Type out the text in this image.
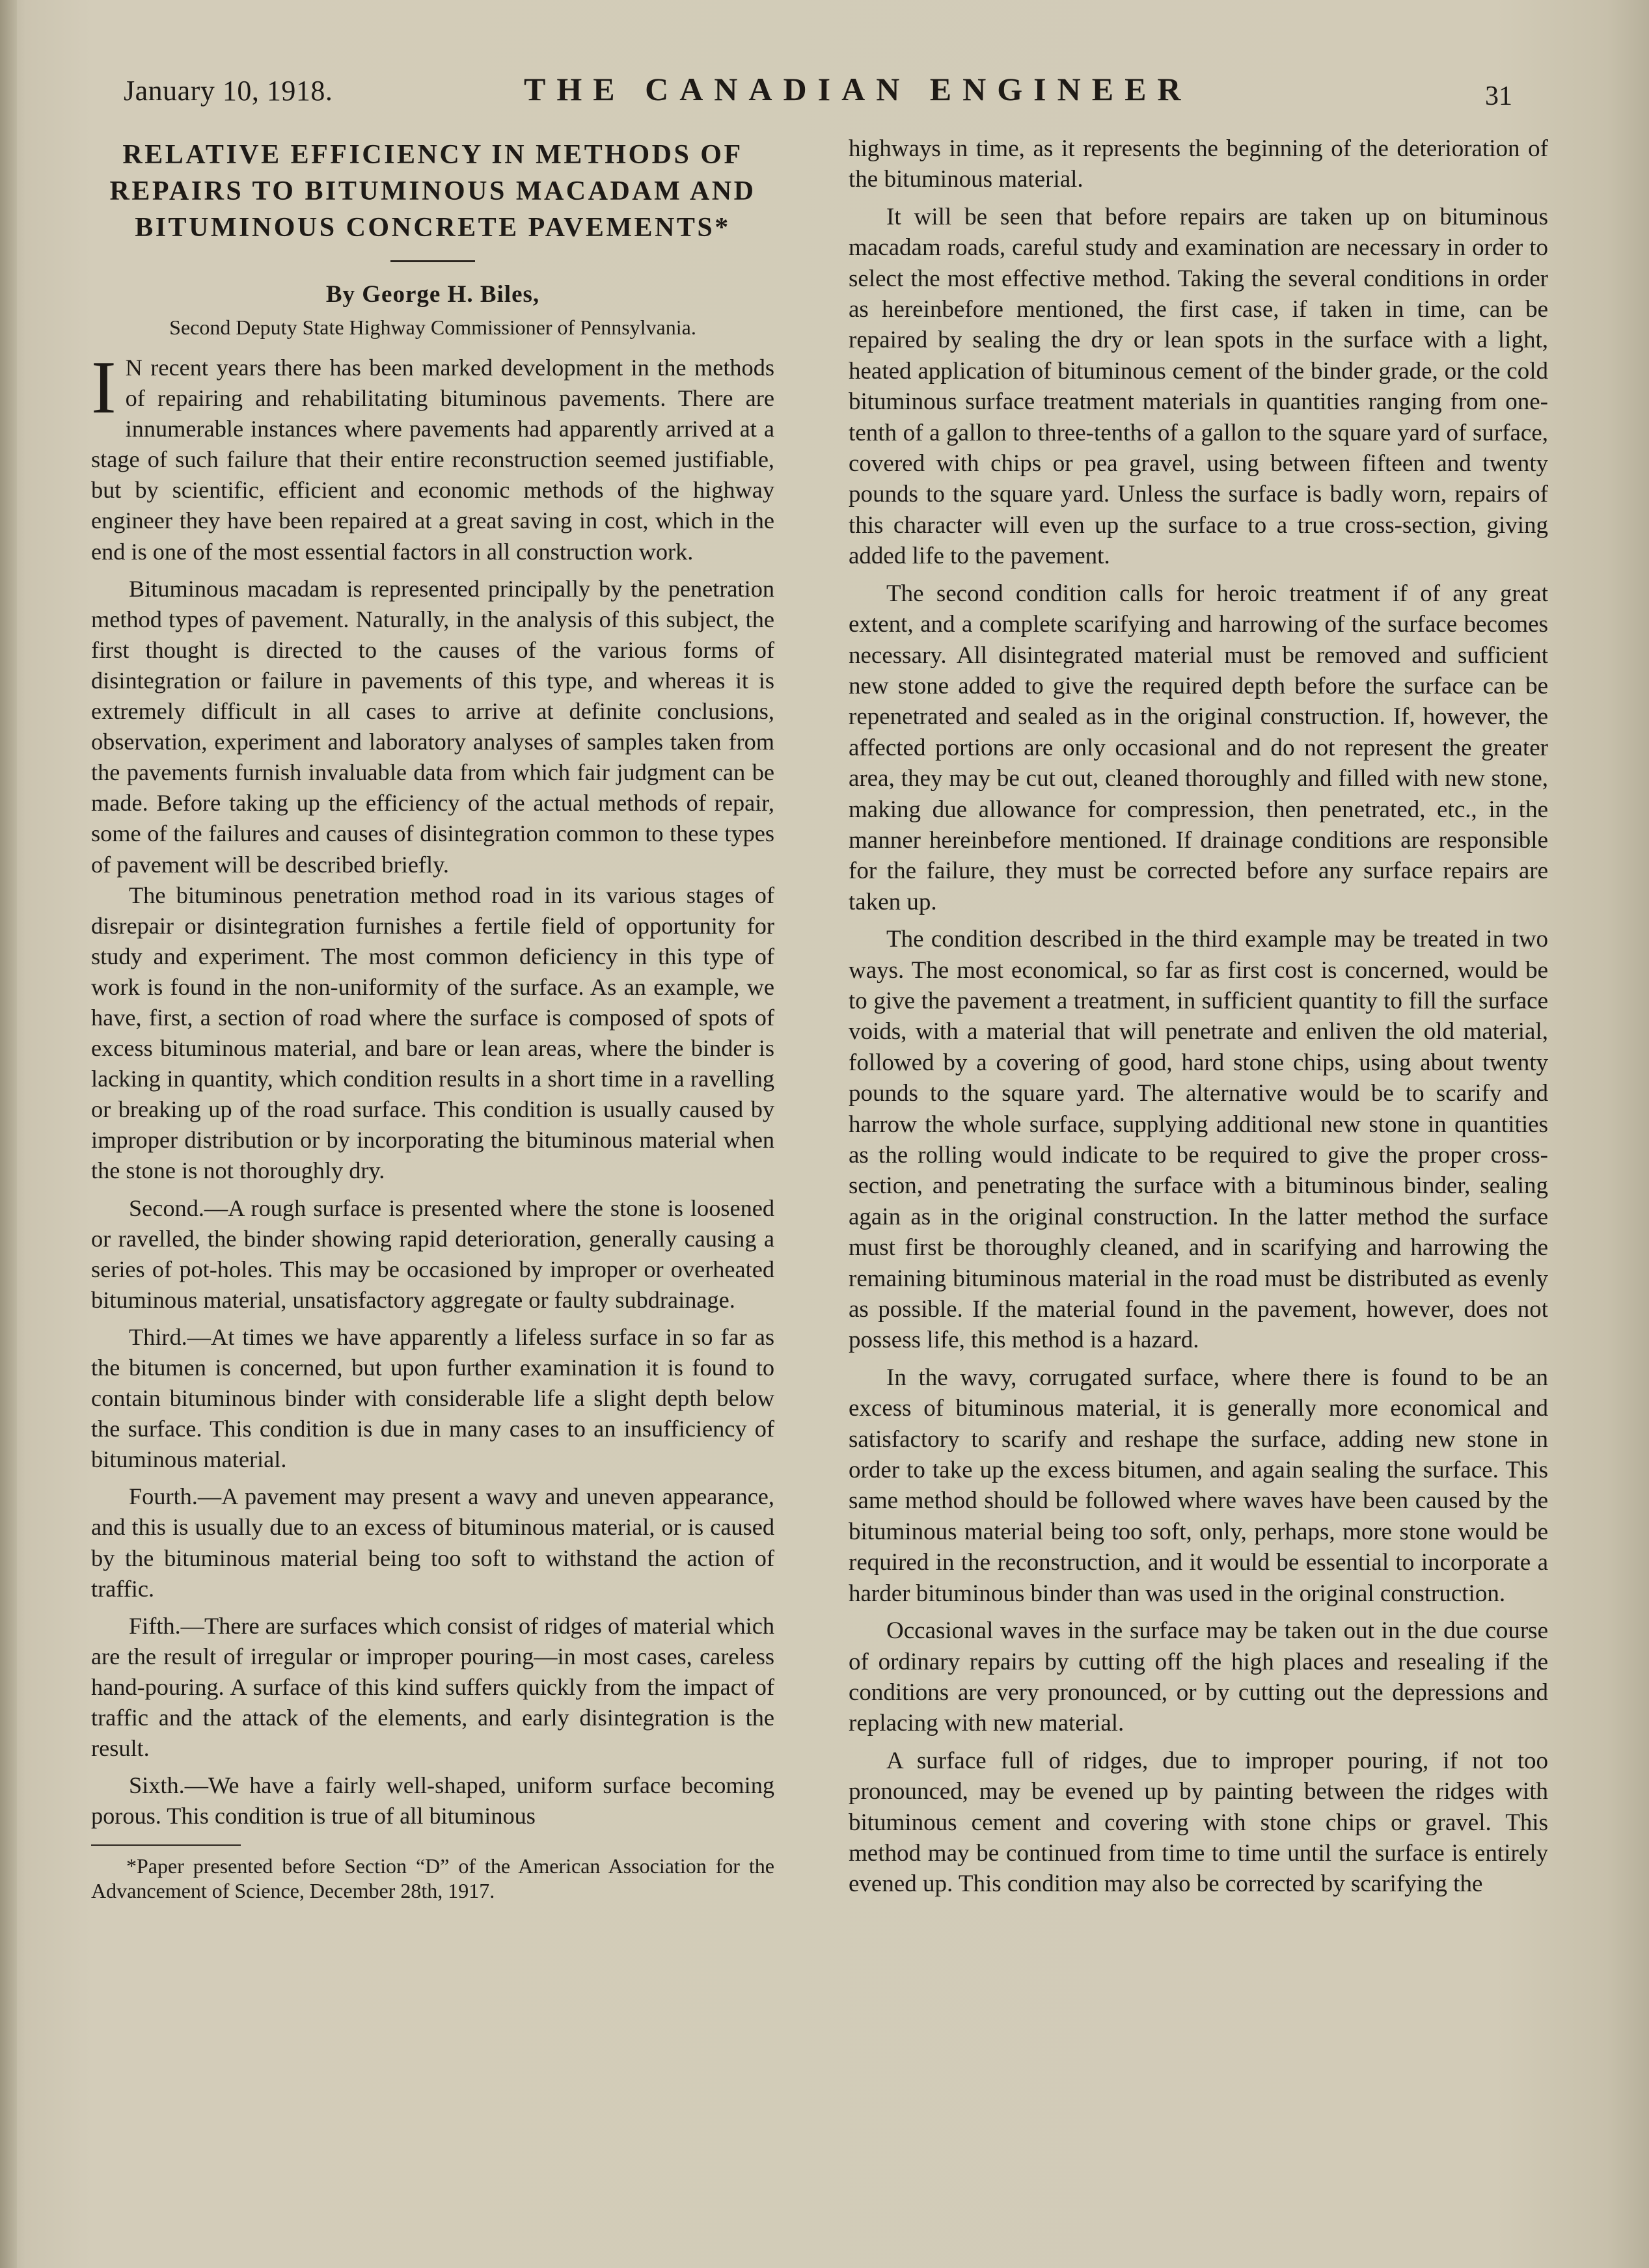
January 10, 1918.	THE CANADIAN ENGINEER	31
RELATIVE EFFICIENCY IN METHODS OF REPAIRS TO BITUMINOUS MACADAM AND BITUMINOUS CONCRETE PAVEMENTS*
By George H. Biles,
Second Deputy State Highway Commissioner of Pennsylvania.

I N recent years there has been marked development in the methods of repairing and rehabilitating bituminous pavements. There are innumerable instances where pavements had apparently arrived at a stage of such failure that their entire reconstruction seemed justifiable, but by scientific, efficient and economic methods of the highway engineer they have been repaired at a great saving in cost, which in the end is one of the most essential factors in all construction work.

Bituminous macadam is represented principally by the penetration method types of pavement. Naturally, in the analysis of this subject, the first thought is directed to the causes of the various forms of disintegration or failure in pavements of this type, and whereas it is extremely difficult in all cases to arrive at definite conclusions, observation, experiment and laboratory analyses of samples taken from the pavements furnish invaluable data from which fair judgment can be made. Before taking up the efficiency of the actual methods of repair, some of the failures and causes of disintegration common to these types of pavement will be described briefly.

The bituminous penetration method road in its various stages of disrepair or disintegration furnishes a fertile field of opportunity for study and experiment. The most common deficiency in this type of work is found in the non-uniformity of the surface. As an example, we have, first, a section of road where the surface is composed of spots of excess bituminous material, and bare or lean areas, where the binder is lacking in quantity, which condition results in a short time in a ravelling or breaking up of the road surface. This condition is usually caused by improper distribution or by incorporating the bituminous material when the stone is not thoroughly dry.

Second.—A rough surface is presented where the stone is loosened or ravelled, the binder showing rapid deterioration, generally causing a series of pot-holes. This may be occasioned by improper or overheated bituminous material, unsatisfactory aggregate or faulty subdrainage.

Third.—At times we have apparently a lifeless surface in so far as the bitumen is concerned, but upon further examination it is found to contain bituminous binder with considerable life a slight depth below the surface. This condition is due in many cases to an insufficiency of bituminous material.

Fourth.—A pavement may present a wavy and uneven appearance, and this is usually due to an excess of bituminous material, or is caused by the bituminous material being too soft to withstand the action of traffic.

Fifth.—There are surfaces which consist of ridges of material which are the result of irregular or improper pouring—in most cases, careless hand-pouring. A surface of this kind suffers quickly from the impact of traffic and the attack of the elements, and early disintegration is the result.

Sixth.—We have a fairly well-shaped, uniform surface becoming porous. This condition is true of all bituminous

*Paper presented before Section “D” of the American Association for the Advancement of Science, December 28th, 1917.

highways in time, as it represents the beginning of the deterioration of the bituminous material.

It will be seen that before repairs are taken up on bituminous macadam roads, careful study and examination are necessary in order to select the most effective method. Taking the several conditions in order as hereinbefore mentioned, the first case, if taken in time, can be repaired by sealing the dry or lean spots in the surface with a light, heated application of bituminous cement of the binder grade, or the cold bituminous surface treatment materials in quantities ranging from one-tenth of a gallon to three-tenths of a gallon to the square yard of surface, covered with chips or pea gravel, using between fifteen and twenty pounds to the square yard. Unless the surface is badly worn, repairs of this character will even up the surface to a true cross-section, giving added life to the pavement.

The second condition calls for heroic treatment if of any great extent, and a complete scarifying and harrowing of the surface becomes necessary. All disintegrated material must be removed and sufficient new stone added to give the required depth before the surface can be repenetrated and sealed as in the original construction. If, however, the affected portions are only occasional and do not represent the greater area, they may be cut out, cleaned thoroughly and filled with new stone, making due allowance for compression, then penetrated, etc., in the manner hereinbefore mentioned. If drainage conditions are responsible for the failure, they must be corrected before any surface repairs are taken up.

The condition described in the third example may be treated in two ways. The most economical, so far as first cost is concerned, would be to give the pavement a treatment, in sufficient quantity to fill the surface voids, with a material that will penetrate and enliven the old material, followed by a covering of good, hard stone chips, using about twenty pounds to the square yard. The alternative would be to scarify and harrow the whole surface, supplying additional new stone in quantities as the rolling would indicate to be required to give the proper cross-section, and penetrating the surface with a bituminous binder, sealing again as in the original construction. In the latter method the surface must first be thoroughly cleaned, and in scarifying and harrowing the remaining bituminous material in the road must be distributed as evenly as possible. If the material found in the pavement, however, does not possess life, this method is a hazard.

In the wavy, corrugated surface, where there is found to be an excess of bituminous material, it is generally more economical and satisfactory to scarify and reshape the surface, adding new stone in order to take up the excess bitumen, and again sealing the surface. This same method should be followed where waves have been caused by the bituminous material being too soft, only, perhaps, more stone would be required in the reconstruction, and it would be essential to incorporate a harder bituminous binder than was used in the original construction.

Occasional waves in the surface may be taken out in the due course of ordinary repairs by cutting off the high places and resealing if the conditions are very pronounced, or by cutting out the depressions and replacing with new material.

A surface full of ridges, due to improper pouring, if not too pronounced, may be evened up by painting between the ridges with bituminous cement and covering with stone chips or gravel. This method may be continued from time to time until the surface is entirely evened up. This condition may also be corrected by scarifying the
